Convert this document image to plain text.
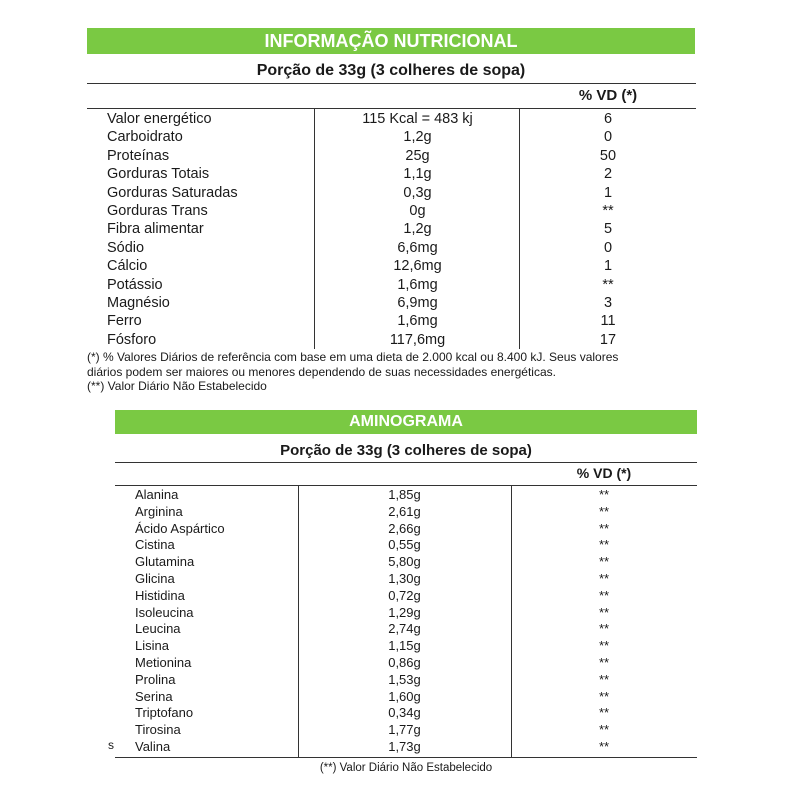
INFORMAÇÃO NUTRICIONAL
Porção de 33g (3 colheres de sopa)
% VD (*)
Valor energético	115 Kcal = 483 kj	6
Carboidrato	1,2g	0
Proteínas	25g	50
Gorduras Totais	1,1g	2
Gorduras Saturadas	0,3g	1
Gorduras Trans	0g	**
Fibra alimentar	1,2g	5
Sódio	6,6mg	0
Cálcio	12,6mg	1
Potássio	1,6mg	**
Magnésio	6,9mg	3
Ferro	1,6mg	11
Fósforo	117,6mg	17
(*) % Valores Diários de referência com base em uma dieta de 2.000 kcal ou 8.400 kJ. Seus valores
diários podem ser maiores ou menores dependendo de suas necessidades energéticas.
(**) Valor Diário Não Estabelecido
AMINOGRAMA
Porção de 33g (3 colheres de sopa)
% VD (*)
Alanina	1,85g	**
Arginina	2,61g	**
Ácido Aspártico	2,66g	**
Cistina	0,55g	**
Glutamina	5,80g	**
Glicina	1,30g	**
Histidina	0,72g	**
Isoleucina	1,29g	**
Leucina	2,74g	**
Lisina	1,15g	**
Metionina	0,86g	**
Prolina	1,53g	**
Serina	1,60g	**
Triptofano	0,34g	**
Tirosina	1,77g	**
Valina	1,73g	**
s
(**) Valor Diário Não Estabelecido
